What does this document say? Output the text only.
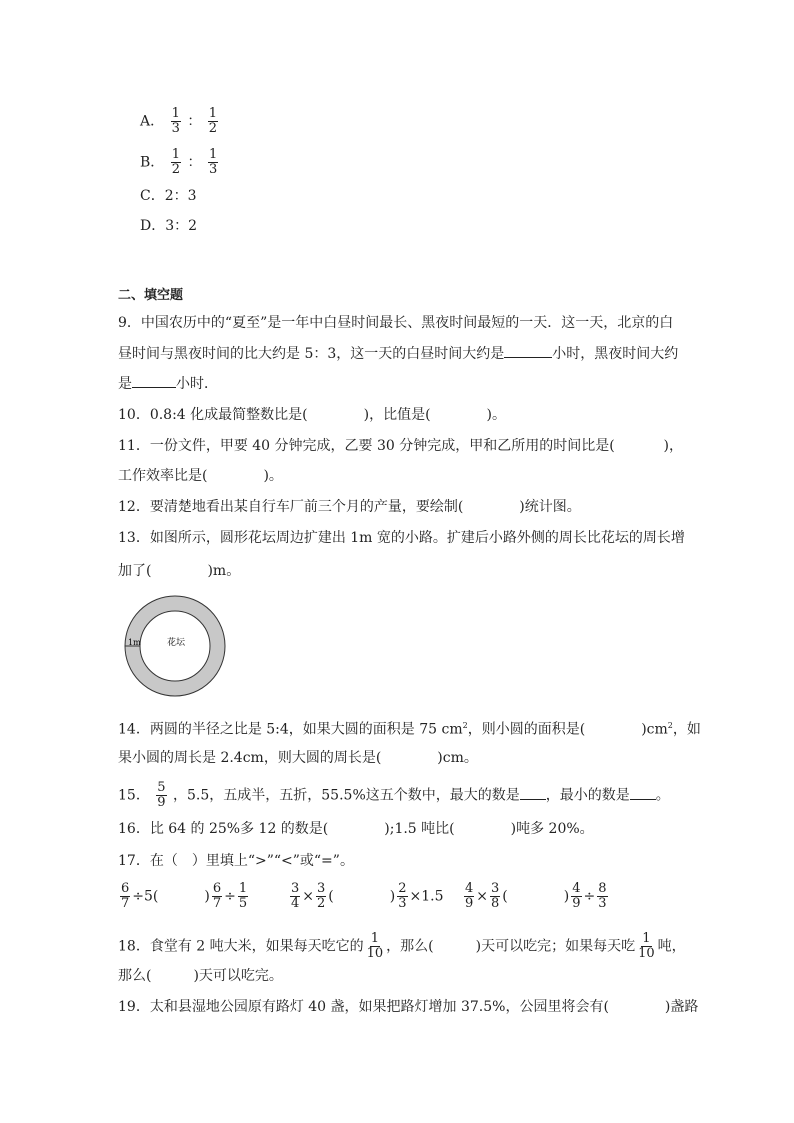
A． $\frac{1}{3}$ ： $\frac{1}{2}$
B． $\frac{1}{2}$ ： $\frac{1}{3}$
C．2：3
D．3：2
二、填空题
9．中国农历中的“夏至”是一年中白昼时间最长、黑夜时间最短的一天．这一天，北京的白
昼时间与黑夜时间的比大约是 5：3，这一天的白昼时间大约是	小时，黑夜时间大约
是	小时．
10．0.8:4 化成最简整数比是(　　　　)，比值是(　　　　)。
11．一份文件，甲要 40 分钟完成，乙要 30 分钟完成，甲和乙所用的时间比是(	)，
工作效率比是(　　　　)。
12．要清楚地看出某自行车厂前三个月的产量，要绘制(　　　　)统计图。
13．如图所示，圆形花坛周边扩建出 1m 宽的小路。扩建后小路外侧的周长比花坛的周长增
加了(　　　　)m。
1m	花坛
14．两圆的半径之比是 5:4，如果大圆的面积是 75 $cm^2$，则小圆的面积是(　　　　)$cm^2$，如
果小圆的周长是 2.4cm，则大圆的周长是(　　　　)cm。
15． $\frac{5}{9}$ ，5.5，五成半，五折，55.5%这五个数中，最大的数是 ，最小的数是 。
16．比 64 的 25%多 12 的数是(　　　　);1.5 吨比(　　　　)吨多 20%。
17．在（　）里填上“>”“<”或“=”。
$\frac{6}{7} \div 5$(	) $\frac{6}{7} \div \frac{1}{5}$	$\frac{3}{4} \times \frac{3}{2}$ (	) $\frac{2}{3} \times 1.5 \frac{4}{9} \times \frac{3}{8}$ (	) $\frac{4}{9} \div \frac{8}{3}$
18．食堂有 2 吨大米，如果每天吃它的 $\frac{1}{10}$ ，那么(　　　)天可以吃完；如果每天吃 $\frac{1}{10}$ 吨，
那么(　　　)天可以吃完。
19．太和县湿地公园原有路灯 40 盏，如果把路灯增加 37.5%，公园里将会有(　　　　)盏路
